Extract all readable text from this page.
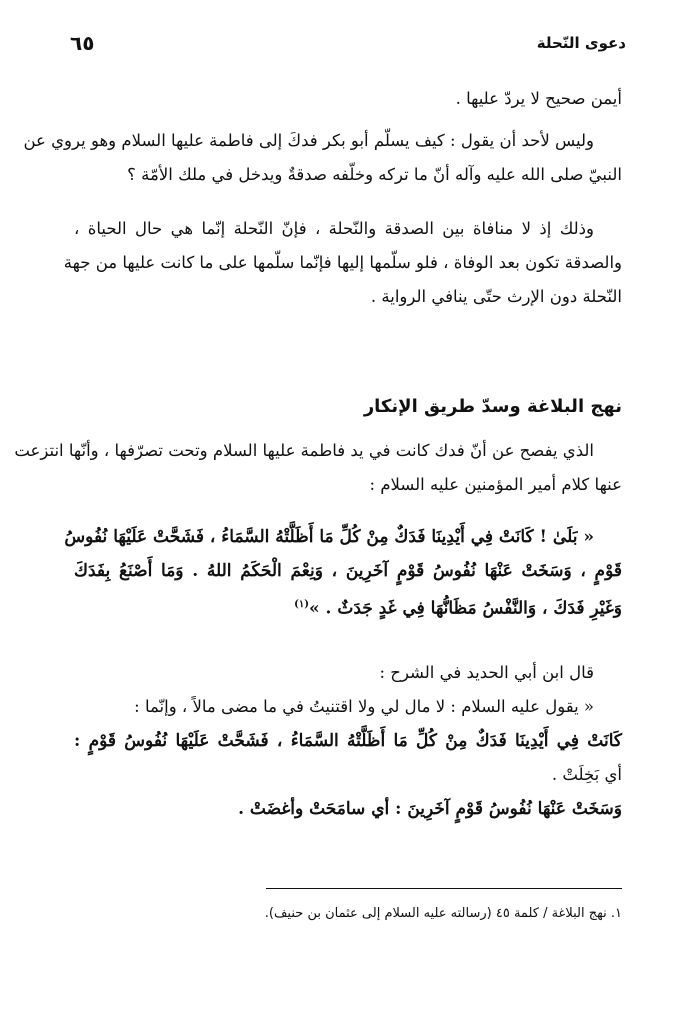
٦٥	دعوى النّحلة
أيمن صحيح لا يردّ عليها .
وليس لأحد أن يقول : كيف يسلّم أبو بكر فدكَ إلى فاطمة عليها السلام وهو يروي عن
النبيّ صلى الله عليه وآله أنّ ما تركه وخلّفه صدقةٌ ويدخل في ملك الأمّة ؟
وذلك إذ لا منافاة بين الصدقة والنّحلة ، فإنّ النّحلة إنّما هي حال الحياة ،
والصدقة تكون بعد الوفاة ، فلو سلّمها إليها فإنّما سلّمها على ما كانت عليها من جهة
النّحلة دون الإرث حتّى ينافي الرواية .
نهج البلاغة وسدّ طريق الإنكار
الذي يفصح عن أنّ فدك كانت في يد فاطمة عليها السلام وتحت تصرّفها ، وأنّها انتزعت
عنها كلام أمير المؤمنين عليه السلام :
« بَلَىٰ ! كَانَتْ فِي أَيْدِينَا فَدَكٌ مِنْ كُلِّ مَا أَظَلَّتْهُ السَّمَاءُ ، فَشَحَّتْ عَلَيْهَا نُفُوسُ
قَوْمٍ ، وَسَخَتْ عَنْهَا نُفُوسُ قَوْمٍ آخَرِينَ ، وَنِعْمَ الْحَكَمُ اللهُ . وَمَا أَصْنَعُ بِفَدَكَ
وَغَيْرِ فَدَكَ ، وَالنَّفْسُ مَظَانُّهَا فِي غَدٍ جَدَثٌ . »$^{(١)}$
قال ابن أبي الحديد في الشرح :
« يقول عليه السلام : لا مال لي ولا اقتنيتُ في ما مضى مالاً ، وإنّما :
كَانَتْ فِي أَيْدِينَا فَدَكٌ مِنْ كُلِّ مَا أَظَلَّتْهُ السَّمَاءُ ، فَشَحَّتْ عَلَيْهَا نُفُوسُ قَوْمٍ :
أي بَخِلَتْ .
وَسَخَتْ عَنْهَا نُفُوسُ قَوْمٍ آخَرِينَ : أي سامَحَتْ وأغضَتْ .
١. نهج البلاغة / كلمة ٤٥ (رسالته عليه السلام إلى عثمان بن حنيف).
